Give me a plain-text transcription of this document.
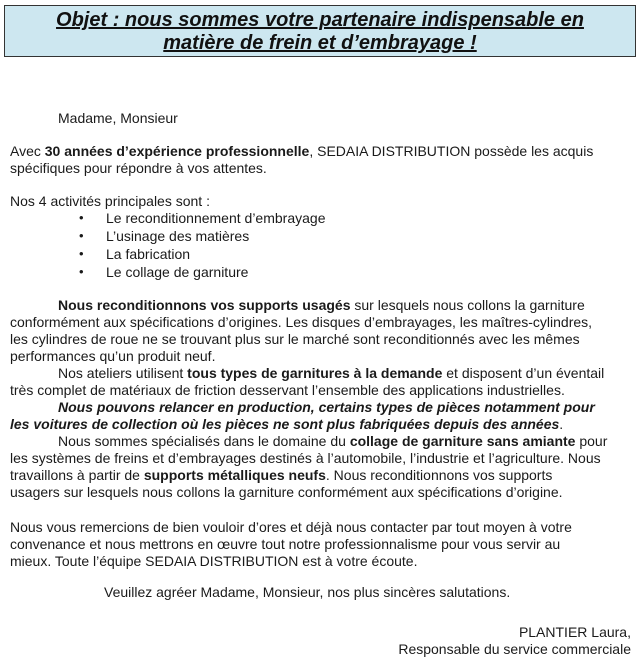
Objet : nous sommes votre partenaire indispensable en
matière de frein et d’embrayage !
Madame, Monsieur
Avec 30 années d’expérience professionnelle, SEDAIA DISTRIBUTION possède les acquis
spécifiques pour répondre à vos attentes.
Nos 4 activités principales sont :
• Le reconditionnement d’embrayage
• L’usinage des matières
• La fabrication
• Le collage de garniture
Nous reconditionnons vos supports usagés sur lesquels nous collons la garniture
conformément aux spécifications d’origines. Les disques d’embrayages, les maîtres-cylindres,
les cylindres de roue ne se trouvant plus sur le marché sont reconditionnés avec les mêmes
performances qu’un produit neuf.
Nos ateliers utilisent tous types de garnitures à la demande et disposent d’un éventail
très complet de matériaux de friction desservant l’ensemble des applications industrielles.
Nous pouvons relancer en production, certains types de pièces notamment pour
les voitures de collection où les pièces ne sont plus fabriquées depuis des années.
Nous sommes spécialisés dans le domaine du collage de garniture sans amiante pour
les systèmes de freins et d’embrayages destinés à l’automobile, l’industrie et l’agriculture. Nous
travaillons à partir de supports métalliques neufs. Nous reconditionnons vos supports
usagers sur lesquels nous collons la garniture conformément aux spécifications d’origine.
Nous vous remercions de bien vouloir d’ores et déjà nous contacter par tout moyen à votre
convenance et nous mettrons en œuvre tout notre professionnalisme pour vous servir au
mieux. Toute l’équipe SEDAIA DISTRIBUTION est à votre écoute.
Veuillez agréer Madame, Monsieur, nos plus sincères salutations.
PLANTIER Laura,
Responsable du service commerciale
